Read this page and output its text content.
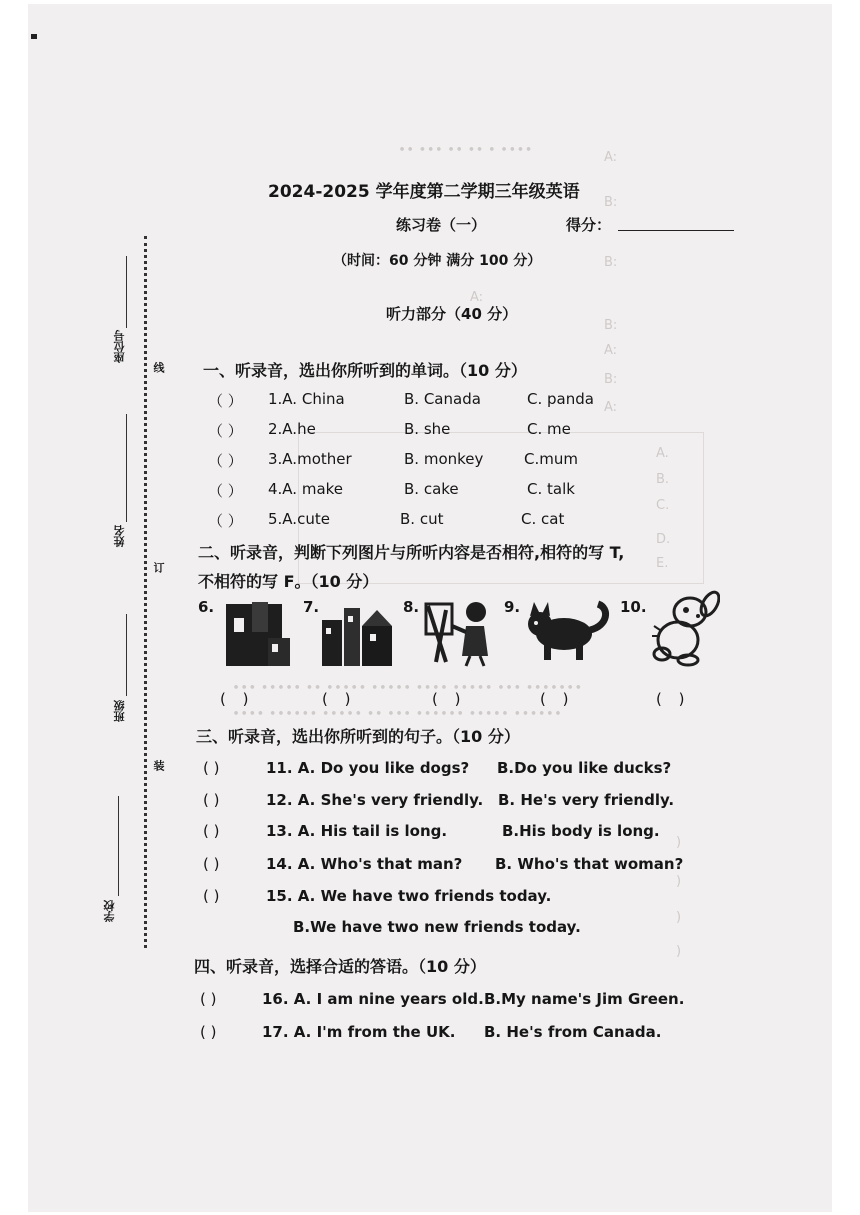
∙∙∙∙ ∙ ∙∙ ∙∙ ∙∙∙ ∙∙
A:
B:
B:
A:
B:
A:
B:
A:
A.
B.
C.
D.
E.
∙∙∙ ∙∙∙∙∙ ∙∙ ∙∙∙∙∙ ∙∙∙∙∙ ∙∙∙∙ ∙∙∙∙∙ ∙∙∙ ∙∙∙∙∙∙∙
∙∙∙∙ ∙∙∙∙∙∙ ∙∙∙∙∙ ∙∙ ∙∙∙ ∙∙∙∙∙∙ ∙∙∙∙∙ ∙∙∙∙∙∙
)
)
)
)
线
订
装
座位号
姓名
班级
学校
2024-2025 学年度第二学期三年级英语
练习卷（一）	得分：
（时间：60 分钟 满分 100 分）
听力部分（40 分）
一、听录音，选出你所听到的单词。（10 分）
（ ） 1.A. China	B. Canada	C. panda
（ ） 2.A.he	B. she	C. me
（ ） 3.A.mother	B. monkey	C.mum
（ ） 4.A. make	B. cake	C. talk
（ ） 5.A.cute	B. cut	C. cat
二、听录音，判断下列图片与所听内容是否相符,相符的写 T,
不相符的写 F。（10 分）
6.	7.	8.	9.	10.
( )	( )	( )	( )	( )
三、听录音，选出你所听到的句子。（10 分）
( )	11. A. Do you like dogs? B.Do you like ducks?
( )	12. A. She's very friendly. B. He's very friendly.
( )	13. A. His tail is long.	B.His body is long.
( )	14. A. Who's that man? B. Who's that woman?
( )	15. A. We have two friends today.
B.We have two new friends today.
四、听录音，选择合适的答语。（10 分）
( )	16. A. I am nine years old. B.My name's Jim Green.
( )	17. A. I'm from the UK. B. He's from Canada.
